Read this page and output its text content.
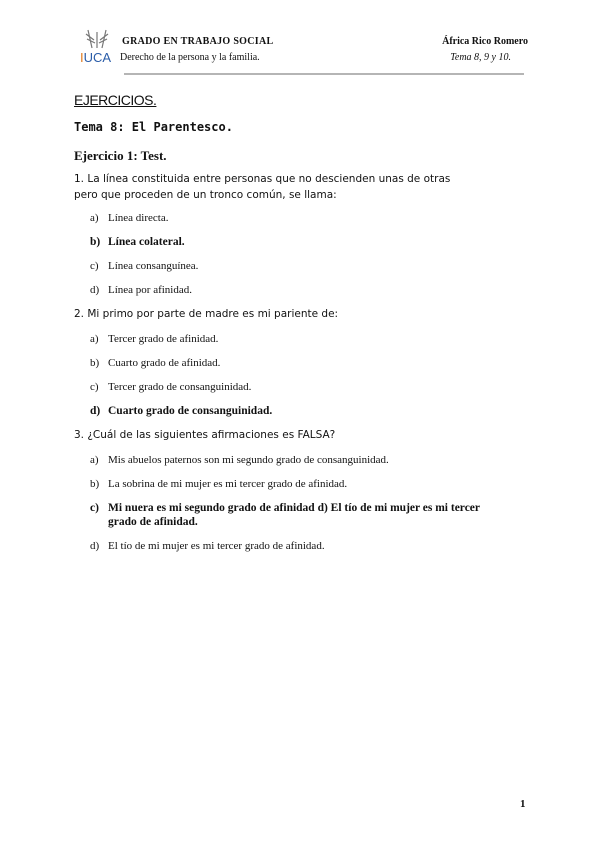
IUCA
GRADO EN TRABAJO SOCIAL
Derecho de la persona y la familia.
África Rico Romero
Tema 8, 9 y 10.
EJERCICIOS.
Tema 8: El Parentesco.
Ejercicio 1: Test.
1. La línea constituida entre personas que no descienden unas de otras pero que proceden de un tronco común, se llama:
a) Línea directa.
b) Línea colateral.
c) Línea consanguínea.
d) Línea por afinidad.
2. Mi primo por parte de madre es mi pariente de:
a) Tercer grado de afinidad.
b) Cuarto grado de afinidad.
c) Tercer grado de consanguinidad.
d) Cuarto grado de consanguinidad.
3. ¿Cuál de las siguientes afirmaciones es FALSA?
a) Mis abuelos paternos son mi segundo grado de consanguinidad.
b) La sobrina de mi mujer es mi tercer grado de afinidad.
c) Mi nuera es mi segundo grado de afinidad d) El tío de mi mujer es mi tercer grado de afinidad.
d) El tío de mi mujer es mi tercer grado de afinidad.
1
